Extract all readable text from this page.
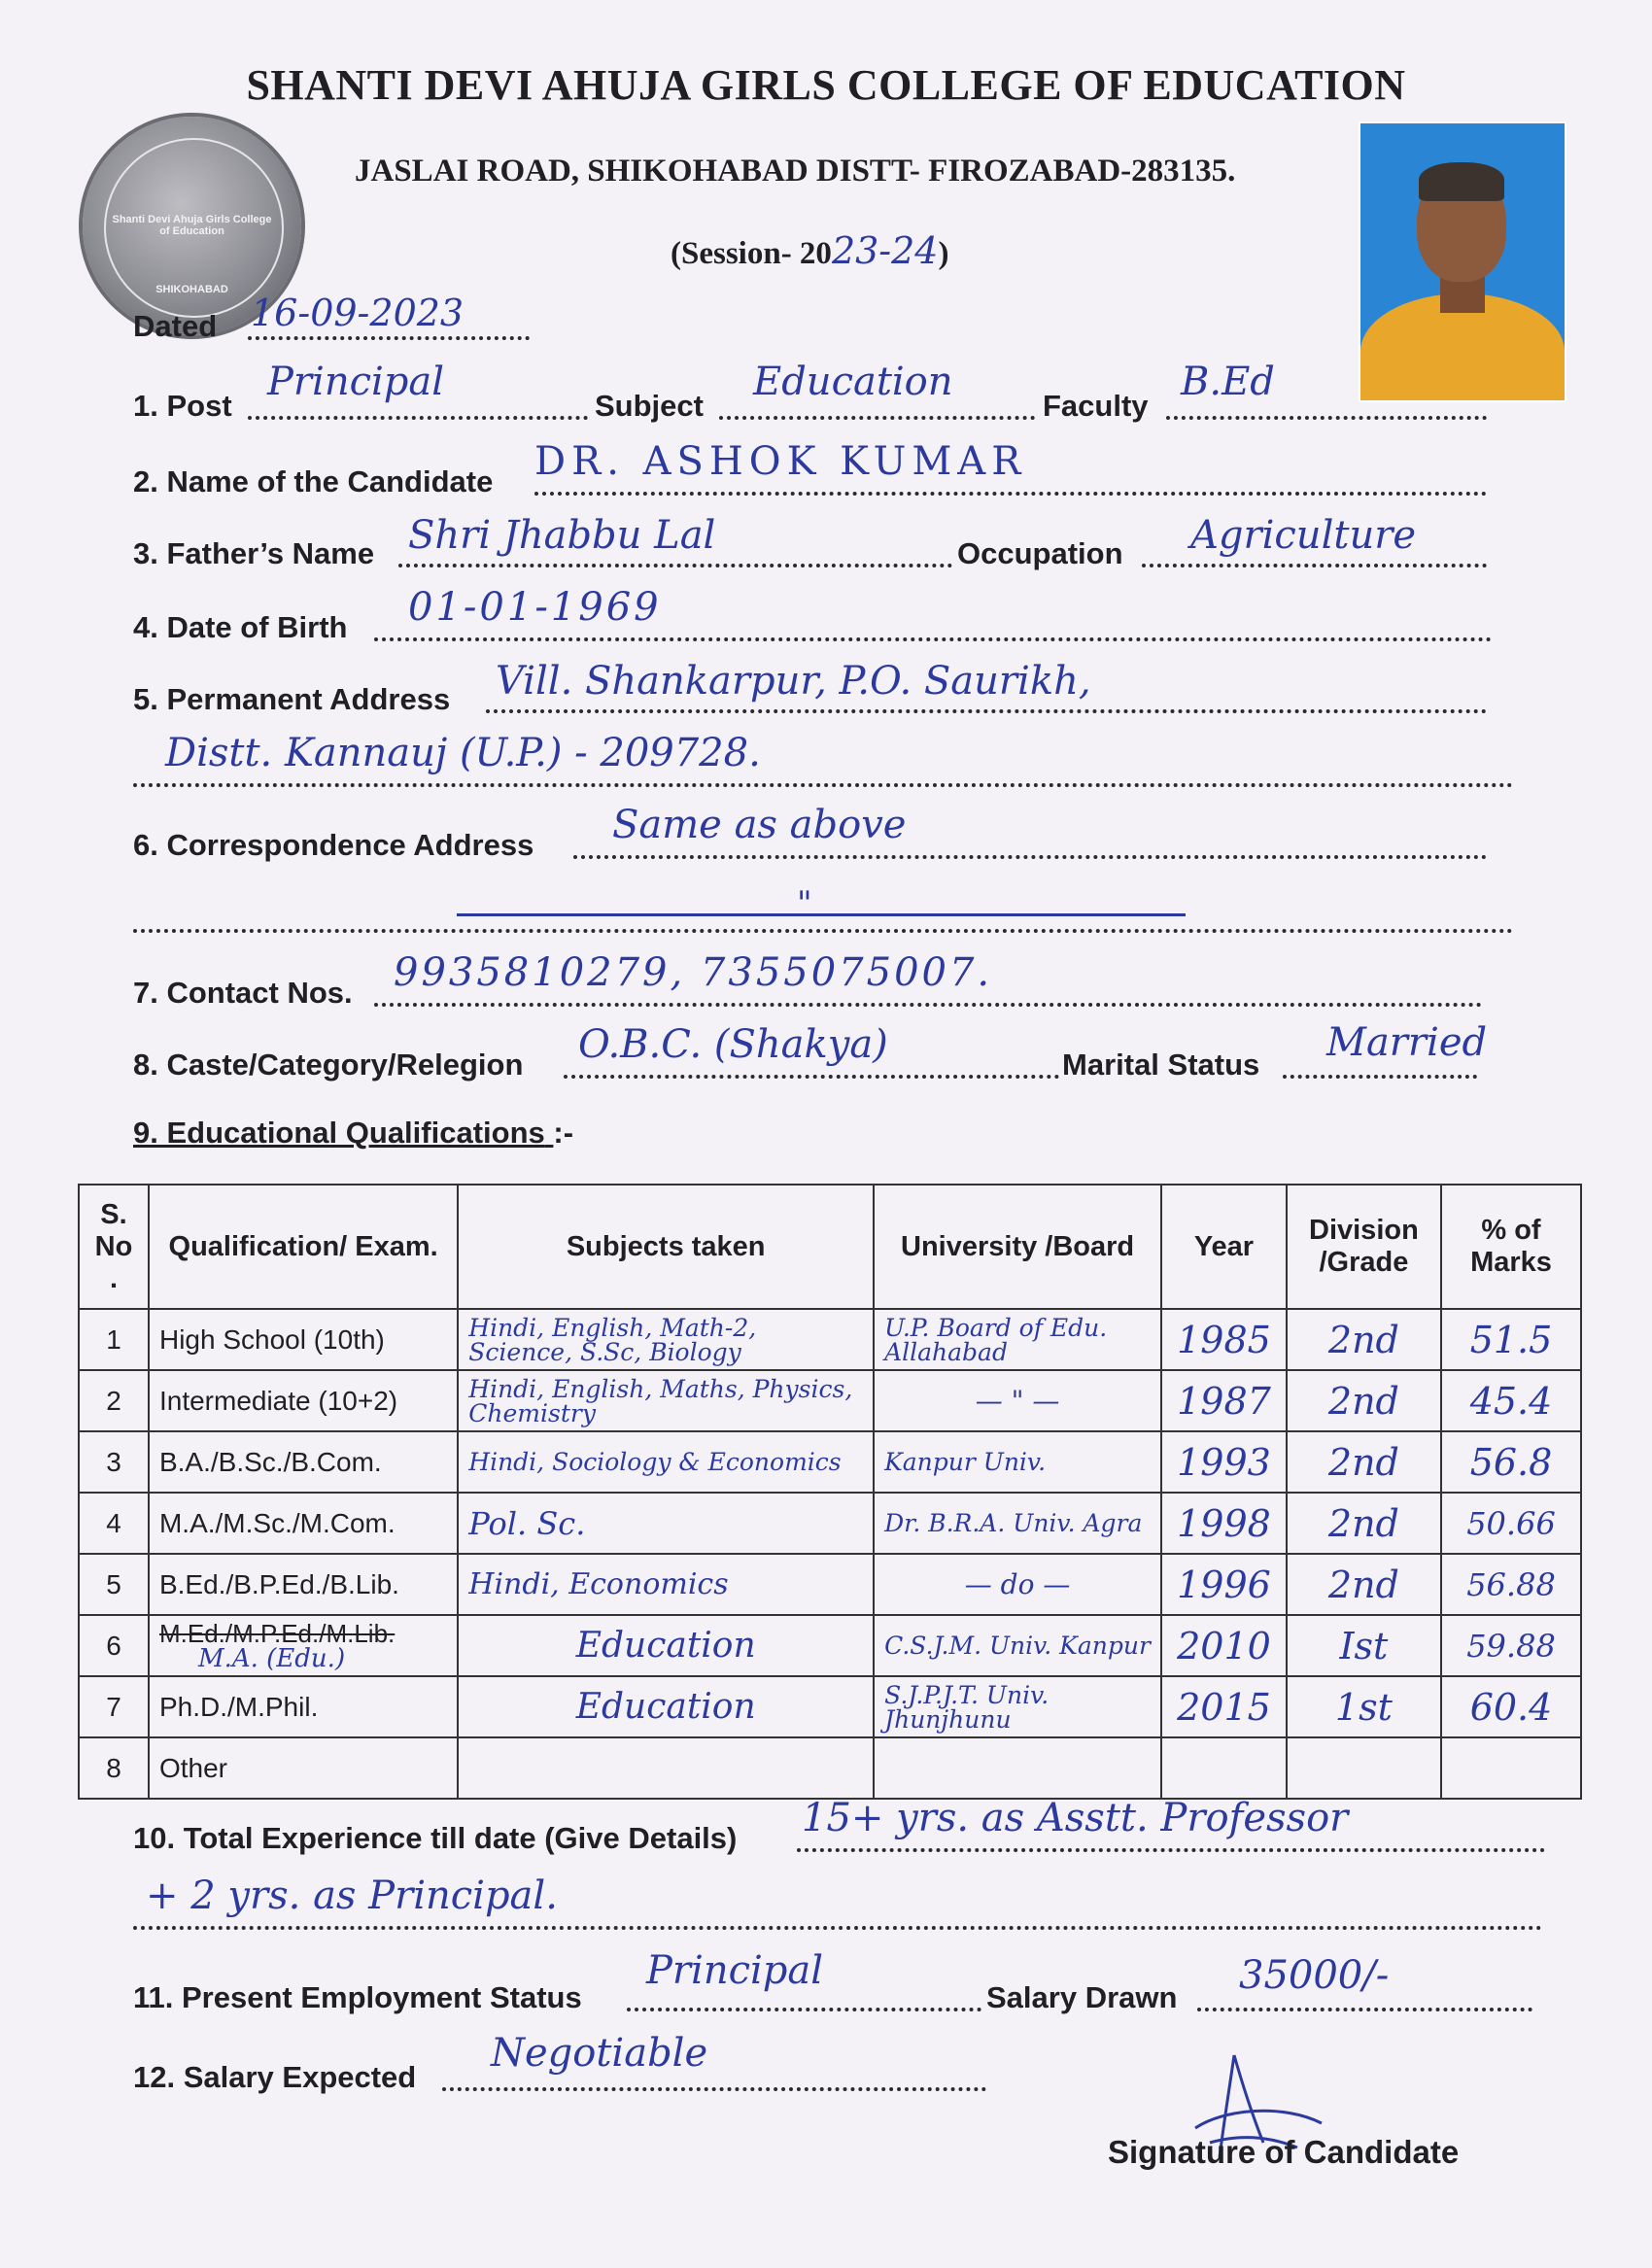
SHANTI DEVI AHUJA GIRLS COLLEGE OF EDUCATION
Shanti Devi Ahuja Girls College of Education
SHIKOHABAD
JASLAI ROAD, SHIKOHABAD DISTT- FIROZABAD-283135.
(Session- 2023-24)
Dated 16-09-2023
1. Post
Principal
Subject
Education
Faculty
B.Ed
2. Name of the Candidate DR. ASHOK KUMAR
3. Father’s Name Shri Jhabbu Lal	Occupation Agriculture
4. Date of Birth 01-01-1969
5. Permanent Address Vill. Shankarpur, P.O. Saurikh,
Distt. Kannauj (U.P.) - 209728.
6. Correspondence Address Same as above
"
7. Contact Nos. 9935810279, 7355075007.
8. Caste/Category/Relegion O.B.C. (Shakya)	Marital Status Married
9. Educational Qualifications :-
S. No .	Qualification/ Exam.	Subjects taken	University /Board	Year	Division /Grade	% of Marks
1	High School (10th)	Hindi, English, Math-2, Science, S.Sc, Biology	U.P. Board of Edu. Allahabad	1985	2nd	51.5
2	Intermediate (10+2)	Hindi, English, Maths, Physics, Chemistry	— " —	1987	2nd	45.4
3	B.A./B.Sc./B.Com.	Hindi, Sociology & Economics	Kanpur Univ.	1993	2nd	56.8
4	M.A./M.Sc./M.Com.	Pol. Sc.	Dr. B.R.A. Univ. Agra	1998	2nd	50.66
5	B.Ed./B.P.Ed./B.Lib.	Hindi, Economics	— do —	1996	2nd	56.88
6	M.Ed./M.P.Ed./M.Lib.
M.A. (Edu.)	Education	C.S.J.M. Univ. Kanpur	2010	Ist	59.88
7	Ph.D./M.Phil.	Education	S.J.P.J.T. Univ. Jhunjhunu	2015	1st	60.4
8	Other					
10. Total Experience till date (Give Details) 15+ yrs. as Asstt. Professor
+ 2 yrs. as Principal.
11. Present Employment Status
Principal
Salary Drawn 35000/-
12. Salary Expected
Negotiable
Signature of Candidate
